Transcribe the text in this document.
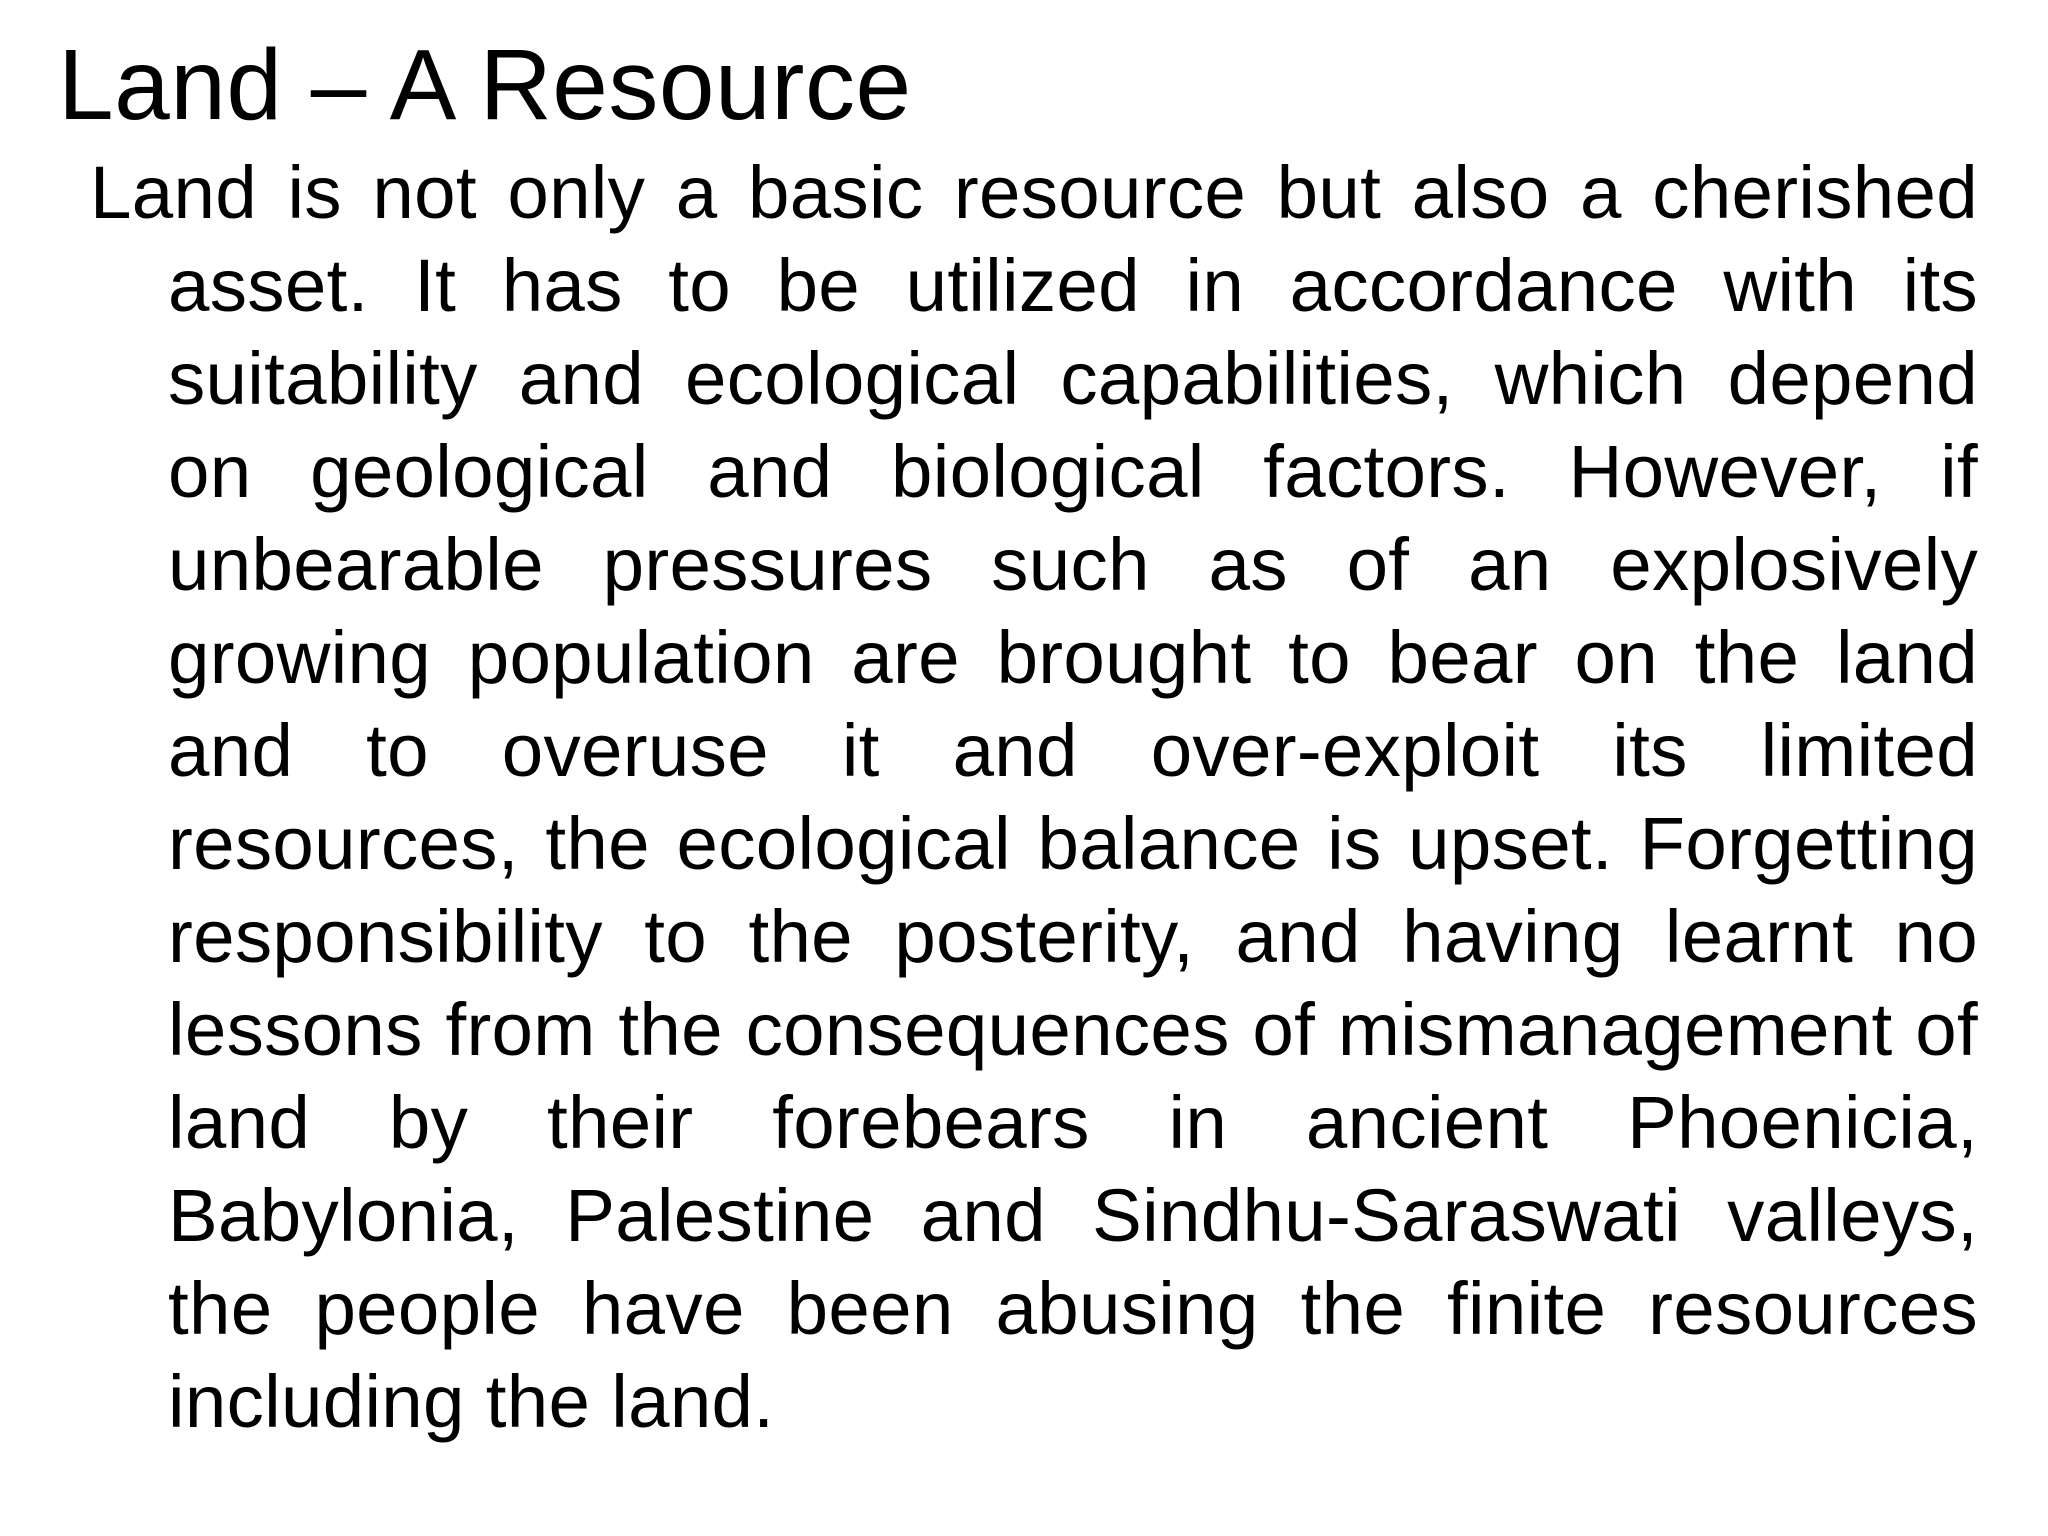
Land – A Resource

Land is not only a basic resource but also a cherished asset. It has to be utilized in accordance with its suitability and ecological capabilities, which depend on geological and biological factors. However, if unbearable pressures such as of an explosively growing population are brought to bear on the land and to overuse it and over-exploit its limited resources, the ecological balance is upset. Forgetting responsibility to the posterity, and having learnt no lessons from the consequences of mismanagement of land by their forebears in ancient Phoenicia, Babylonia, Palestine and Sindhu-Saraswati valleys, the people have been abusing the finite resources including the land.
